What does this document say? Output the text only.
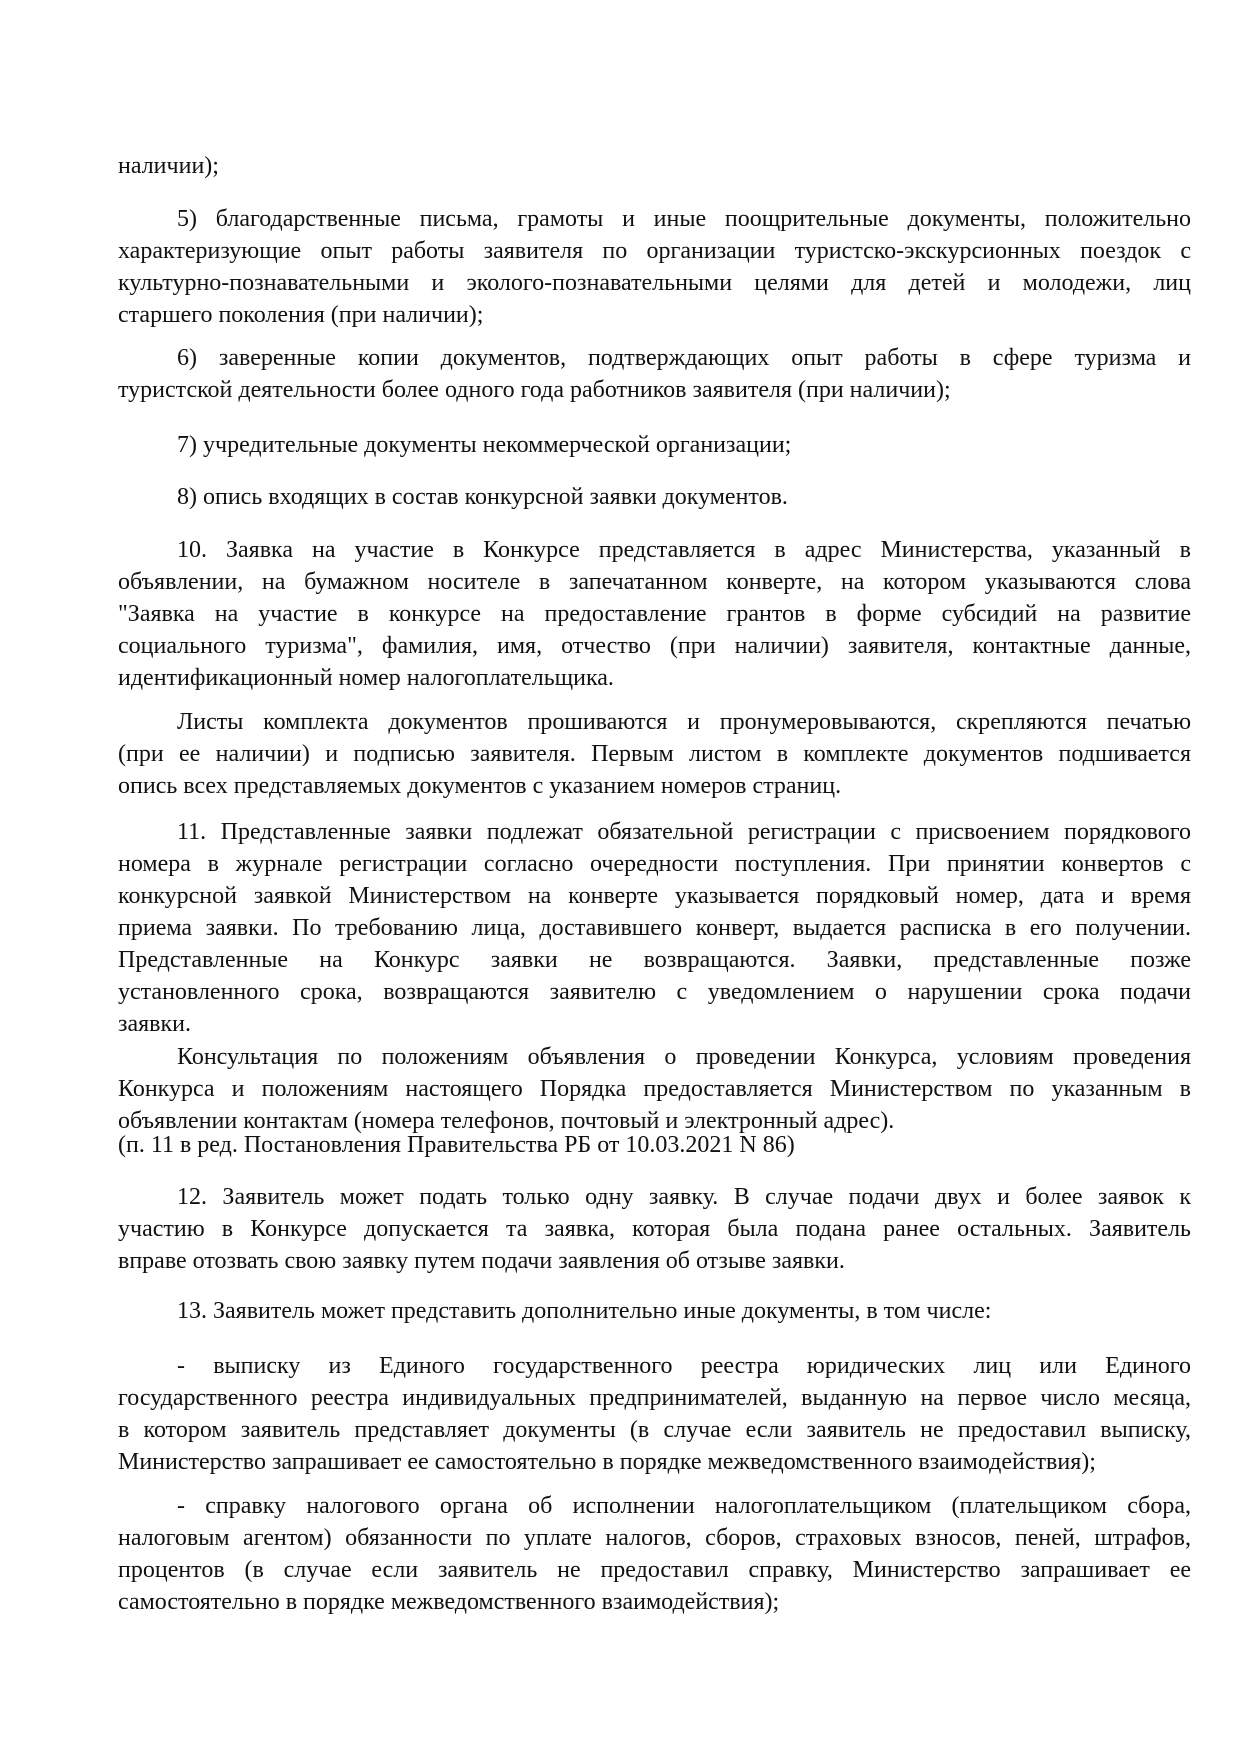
наличии);
5) благодарственные письма, грамоты и иные поощрительные документы, положительно
характеризующие опыт работы заявителя по организации туристско-экскурсионных поездок с
культурно-познавательными и эколого-познавательными целями для детей и молодежи, лиц
старшего поколения (при наличии);
6) заверенные копии документов, подтверждающих опыт работы в сфере туризма и
туристской деятельности более одного года работников заявителя (при наличии);
7) учредительные документы некоммерческой организации;
8) опись входящих в состав конкурсной заявки документов.
10. Заявка на участие в Конкурсе представляется в адрес Министерства, указанный в
объявлении, на бумажном носителе в запечатанном конверте, на котором указываются слова
"Заявка на участие в конкурсе на предоставление грантов в форме субсидий на развитие
социального туризма", фамилия, имя, отчество (при наличии) заявителя, контактные данные,
идентификационный номер налогоплательщика.
Листы комплекта документов прошиваются и пронумеровываются, скрепляются печатью
(при ее наличии) и подписью заявителя. Первым листом в комплекте документов подшивается
опись всех представляемых документов с указанием номеров страниц.
11. Представленные заявки подлежат обязательной регистрации с присвоением порядкового
номера в журнале регистрации согласно очередности поступления. При принятии конвертов с
конкурсной заявкой Министерством на конверте указывается порядковый номер, дата и время
приема заявки. По требованию лица, доставившего конверт, выдается расписка в его получении.
Представленные на Конкурс заявки не возвращаются. Заявки, представленные позже
установленного срока, возвращаются заявителю с уведомлением о нарушении срока подачи
заявки.
Консультация по положениям объявления о проведении Конкурса, условиям проведения
Конкурса и положениям настоящего Порядка предоставляется Министерством по указанным в
объявлении контактам (номера телефонов, почтовый и электронный адрес).
(п. 11 в ред. Постановления Правительства РБ от 10.03.2021 N 86)
12. Заявитель может подать только одну заявку. В случае подачи двух и более заявок к
участию в Конкурсе допускается та заявка, которая была подана ранее остальных. Заявитель
вправе отозвать свою заявку путем подачи заявления об отзыве заявки.
13. Заявитель может представить дополнительно иные документы, в том числе:
- выписку из Единого государственного реестра юридических лиц или Единого
государственного реестра индивидуальных предпринимателей, выданную на первое число месяца,
в котором заявитель представляет документы (в случае если заявитель не предоставил выписку,
Министерство запрашивает ее самостоятельно в порядке межведомственного взаимодействия);
- справку налогового органа об исполнении налогоплательщиком (плательщиком сбора,
налоговым агентом) обязанности по уплате налогов, сборов, страховых взносов, пеней, штрафов,
процентов (в случае если заявитель не предоставил справку, Министерство запрашивает ее
самостоятельно в порядке межведомственного взаимодействия);
